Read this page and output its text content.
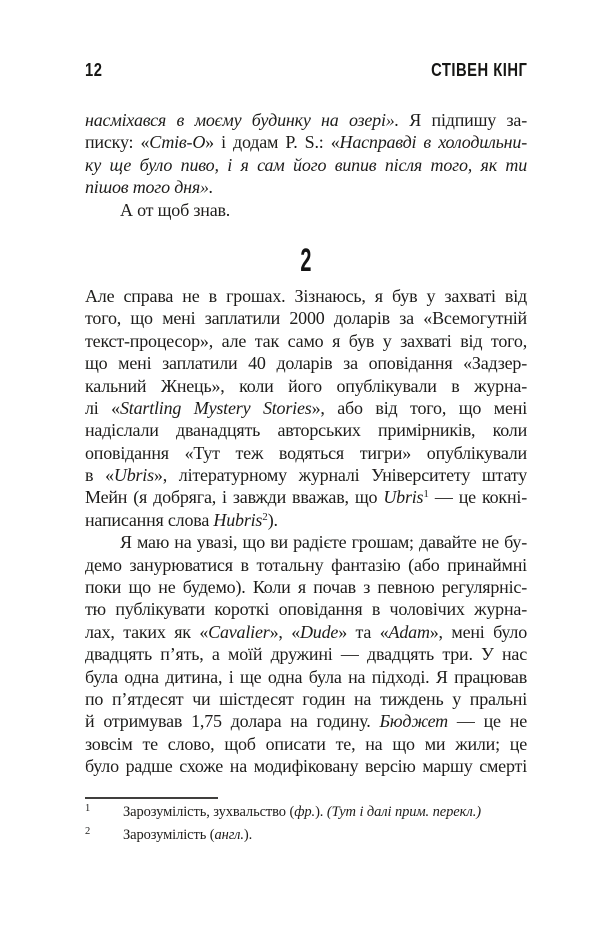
12	СТІВЕН КІНГ
насміхався в моєму будинку на озері». Я підпишу за-
писку: «Стів-О» і додам P. S.: «Насправді в холодильни-
ку ще було пиво, і я сам його випив після того, як ти
пішов того дня».
А от щоб знав.
2
Але справа не в грошах. Зізнаюсь, я був у захваті від
того, що мені заплатили 2000 доларів за «Всемогутній
текст-процесор», але так само я був у захваті від того,
що мені заплатили 40 доларів за оповідання «Задзер-
кальний Жнець», коли його опублікували в журна-
лі «Startling Mystery Stories», або від того, що мені
надіслали дванадцять авторських примірників, коли
оповідання «Тут теж водяться тигри» опублікували
в «Ubris», літературному журналі Університету штату
Мейн (я добряга, і завжди вважав, що Ubris$^1$ — це кокні-
написання слова Hubris$^2$).
Я маю на увазі, що ви радієте грошам; давайте не бу-
демо занурюватися в тотальну фантазію (або принаймні
поки що не будемо). Коли я почав з певною регулярніс-
тю публікувати короткі оповідання в чоловічих журна-
лах, таких як «Cavalier», «Dude» та «Adam», мені було
двадцять п’ять, а моїй дружині — двадцять три. У нас
була одна дитина, і ще одна була на підході. Я працював
по п’ятдесят чи шістдесят годин на тиждень у пральні
й отримував 1,75 долара на годину. Бюджет — це не
зовсім те слово, щоб описати те, на що ми жили; це
було радше схоже на модифіковану версію маршу смерті
1	Зарозумілість, зухвальство (фр.). (Тут і далі прим. перекл.)
2	Зарозумілість (англ.).
